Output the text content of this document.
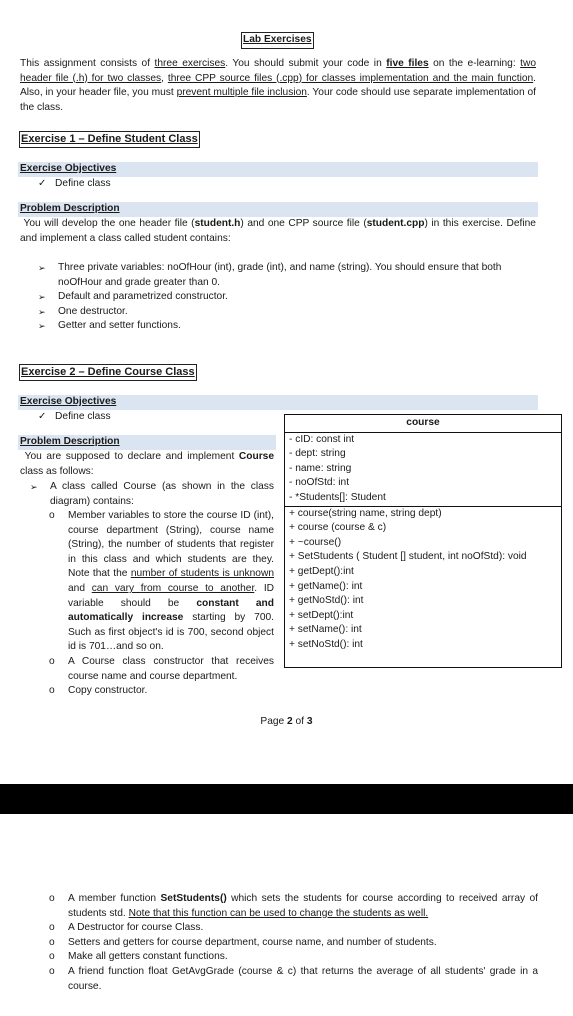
Lab Exercises
This assignment consists of three exercises. You should submit your code in five files on the e-learning: two header file (.h) for two classes, three CPP source files (.cpp) for classes implementation and the main function. Also, in your header file, you must prevent multiple file inclusion. Your code should use separate implementation of the class.
Exercise 1 – Define Student Class
Exercise Objectives
✓ Define class
Problem Description
You will develop the one header file (student.h) and one CPP source file (student.cpp) in this exercise. Define and implement a class called student contains:
➢ Three private variables: noOfHour (int), grade (int), and name (string). You should ensure that both noOfHour and grade greater than 0.
➢ Default and parametrized constructor.
➢ One destructor.
➢ Getter and setter functions.
Exercise 2 – Define Course Class
Exercise Objectives
✓ Define class
Problem Description
You are supposed to declare and implement Course class as follows:
➢ A class called Course (as shown in the class diagram) contains:
o Member variables to store the course ID (int), course department (String), course name (String), the number of students that register in this class and which students are they. Note that the number of students is unknown and can vary from course to another. ID variable should be constant and automatically increase starting by 700. Such as first object's id is 700, second object id is 701…and so on.
o A Course class constructor that receives course name and course department.
o Copy constructor.
course
- cID: const int
- dept: string
- name: string
- noOfStd: int
- *Students[]: Student
+ course(string name, string dept)
+ course (course & c)
+ ~course()
+ SetStudents ( Student [] student, int noOfStd): void
+ getDept():int
+ getName(): int
+ getNoStd(): int
+ setDept():int
+ setName(): int
+ setNoStd(): int
Page 2 of 3
o A member function SetStudents() which sets the students for course according to received array of students std. Note that this function can be used to change the students as well.
o A Destructor for course Class.
o Setters and getters for course department, course name, and number of students.
o Make all getters constant functions.
o A friend function float GetAvgGrade (course & c) that returns the average of all students' grade in a course.
